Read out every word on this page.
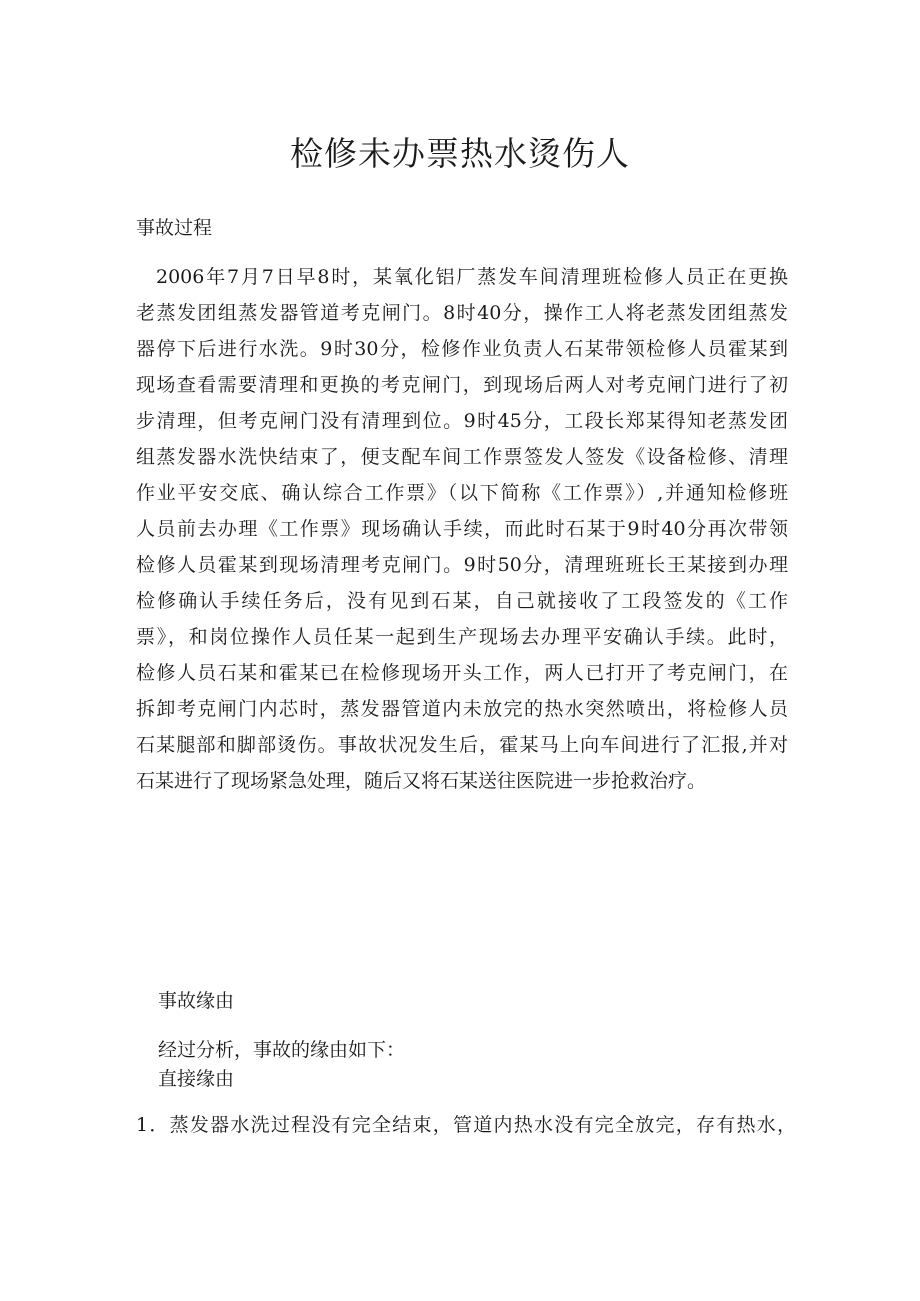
检修未办票热水烫伤人

事故过程

2006年7月7日早8时，某氧化铝厂蒸发车间清理班检修人员正在更换
老蒸发团组蒸发器管道考克闸门。8时40分，操作工人将老蒸发团组蒸发
器停下后进行水洗。9时30分，检修作业负责人石某带领检修人员霍某到
现场查看需要清理和更换的考克闸门，到现场后两人对考克闸门进行了初
步清理，但考克闸门没有清理到位。9时45分，工段长郑某得知老蒸发团
组蒸发器水洗快结束了，便支配车间工作票签发人签发《设备检修、清理
作业平安交底、确认综合工作票》（以下简称《工作票》）,并通知检修班
人员前去办理《工作票》现场确认手续，而此时石某于9时40分再次带领
检修人员霍某到现场清理考克闸门。9时50分，清理班班长王某接到办理
检修确认手续任务后，没有见到石某，自己就接收了工段签发的《工作
票》，和岗位操作人员任某一起到生产现场去办理平安确认手续。此时，
检修人员石某和霍某已在检修现场开头工作，两人已打开了考克闸门，在
拆卸考克闸门内芯时，蒸发器管道内未放完的热水突然喷出，将检修人员
石某腿部和脚部烫伤。事故状况发生后，霍某马上向车间进行了汇报,并对
石某进行了现场紧急处理，随后又将石某送往医院进一步抢救治疗。

事故缘由

经过分析，事故的缘由如下：

直接缘由

1．蒸发器水洗过程没有完全结束，管道内热水没有完全放完，存有热水，
